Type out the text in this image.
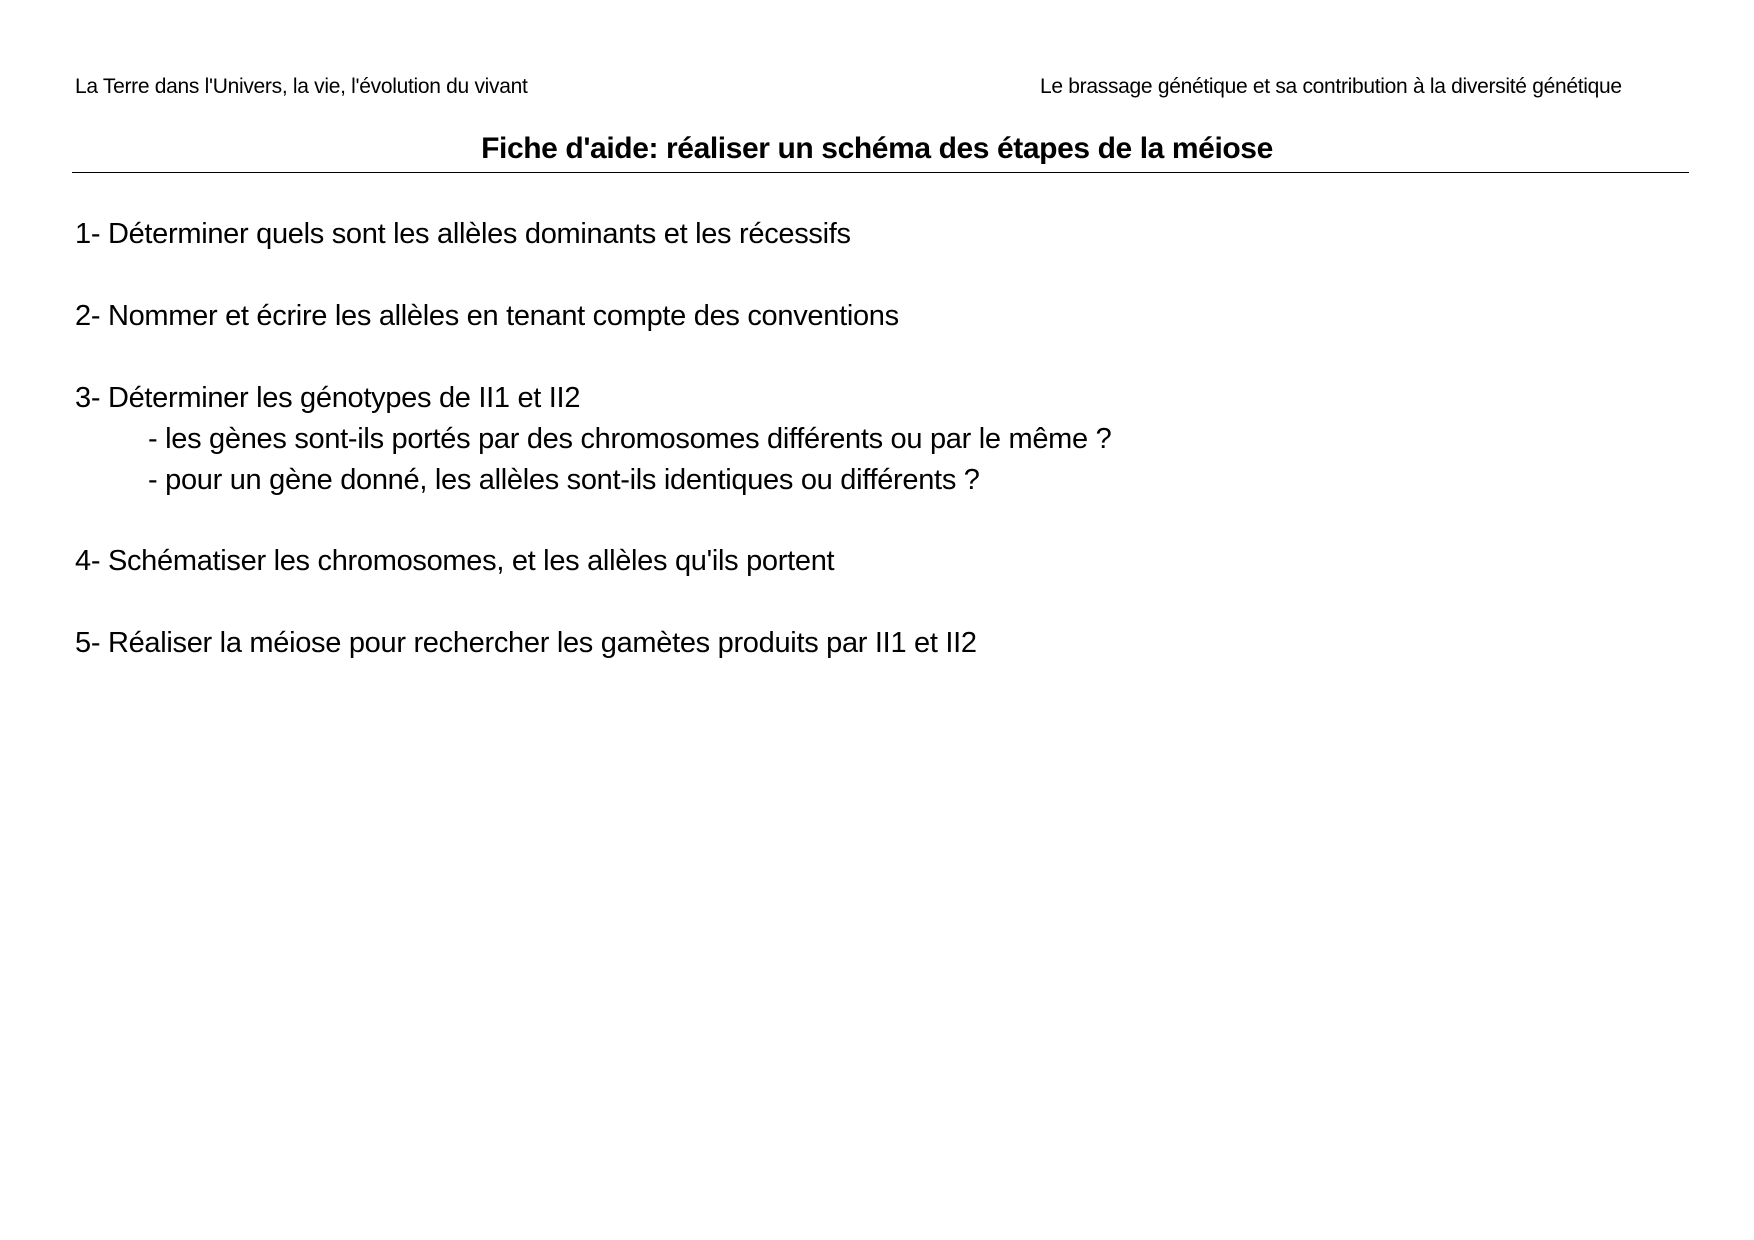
La Terre dans l'Univers, la vie, l'évolution du vivant	Le brassage génétique et sa contribution à la diversité génétique
Fiche d'aide: réaliser un schéma des étapes de la méiose
1- Déterminer quels sont les allèles dominants et les récessifs
2- Nommer et écrire les allèles en tenant compte des conventions
3- Déterminer les génotypes de II1 et II2
- les gènes sont-ils portés par des chromosomes différents ou par le même ?
- pour un gène donné, les allèles sont-ils identiques ou différents ?
4- Schématiser les chromosomes, et les allèles qu'ils portent
5- Réaliser la méiose pour rechercher les gamètes produits par II1 et II2
